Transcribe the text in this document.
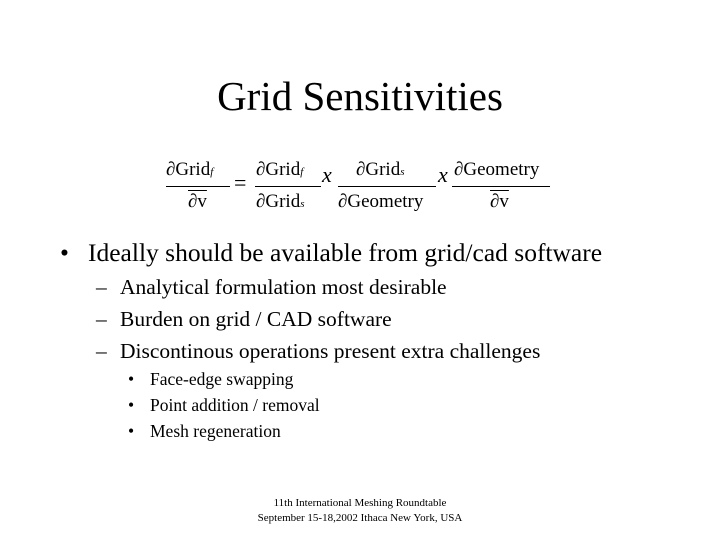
Grid Sensitivities
∂Gridf
∂v
=
∂Gridf
∂Grids
x ∂Grids
∂Geometry
x ∂Geometry
∂v
• Ideally should be available from grid/cad software
– Analytical formulation most desirable
– Burden on grid / CAD software
– Discontinous operations present extra challenges
• Face-edge swapping
• Point addition / removal
• Mesh regeneration
11th International Meshing Roundtable
September 15-18,2002 Ithaca New York, USA
